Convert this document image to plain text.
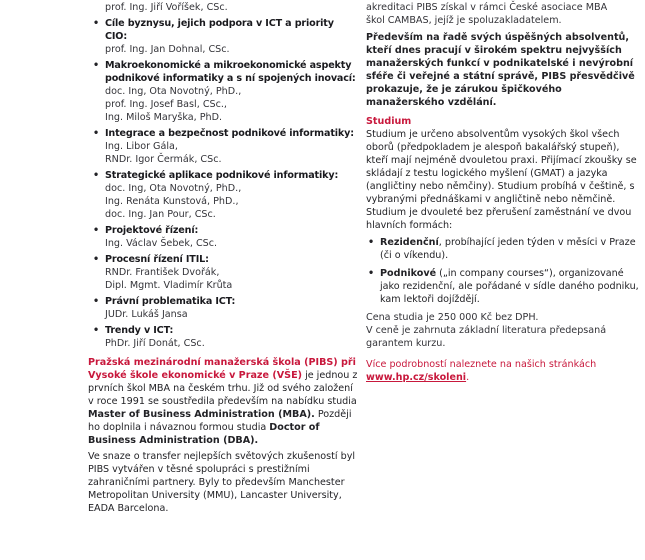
prof. Ing. Jiří Voříšek, CSc.
• Cíle byznysu, jejich podpora v ICT a priority CIO:
prof. Ing. Jan Dohnal, CSc.
• Makroekonomické a mikroekonomické aspekty podnikové informatiky a s ní spojených inovací:
doc. Ing, Ota Novotný, PhD.,
prof. Ing. Josef Basl, CSc.,
Ing. Miloš Maryška, PhD.
• Integrace a bezpečnost podnikové informatiky:
Ing. Libor Gála,
RNDr. Igor Čermák, CSc.
• Strategické aplikace podnikové informatiky:
doc. Ing, Ota Novotný, PhD.,
Ing. Renáta Kunstová, PhD.,
doc. Ing. Jan Pour, CSc.
• Projektové řízení:
Ing. Václav Šebek, CSc.
• Procesní řízení ITIL:
RNDr. František Dvořák,
Dipl. Mgmt. Vladimír Krůta
• Právní problematika ICT:
JUDr. Lukáš Jansa
• Trendy v ICT:
PhDr. Jiří Donát, CSc.

Pražská mezinárodní manažerská škola (PIBS) při Vysoké škole ekonomické v Praze (VŠE) je jednou z prvních škol MBA na českém trhu. Již od svého založení v roce 1991 se soustředila především na nabídku studia Master of Business Administration (MBA). Později ho doplnila i návaznou formou studia Doctor of Business Administration (DBA).

Ve snaze o transfer nejlepších světových zkušeností byl PIBS vytvářen v těsné spolupráci s prestižními zahraničními partnery. Byly to především Manchester Metropolitan University (MMU), Lancaster University, EADA Barcelona.

akreditaci PIBS získal v rámci České asociace MBA
škol CAMBAS, jejíž je spoluzakladatelem.

Především na řadě svých úspěšných absolventů, kteří dnes pracují v širokém spektru nejvyšších manažerských funkcí v podnikatelské i nevýrobní sféře či veřejné a státní správě, PIBS přesvědčivě prokazuje, že je zárukou špičkového manažerského vzdělání.

Studium

Studium je určeno absolventům vysokých škol všech oborů (předpokladem je alespoň bakalářský stupeň), kteří mají nejméně dvouletou praxi. Přijímací zkoušky se skládají z testu logického myšlení (GMAT) a jazyka (angličtiny nebo němčiny). Studium probíhá v češtině, s vybranými přednáškami v angličtině nebo němčině.

Studium je dvouleté bez přerušení zaměstnání ve dvou hlavních formách:

• Rezidenční, probíhající jeden týden v měsíci v Praze (či o víkendu).
• Podnikové („in company courses“), organizované jako rezidenční, ale pořádané v sídle daného podniku, kam lektoři dojíždějí.

Cena studia je 250 000 Kč bez DPH.
V ceně je zahrnuta základní literatura předepsaná garantem kurzu.

Více podrobností naleznete na našich stránkách www.hp.cz/skoleni.
